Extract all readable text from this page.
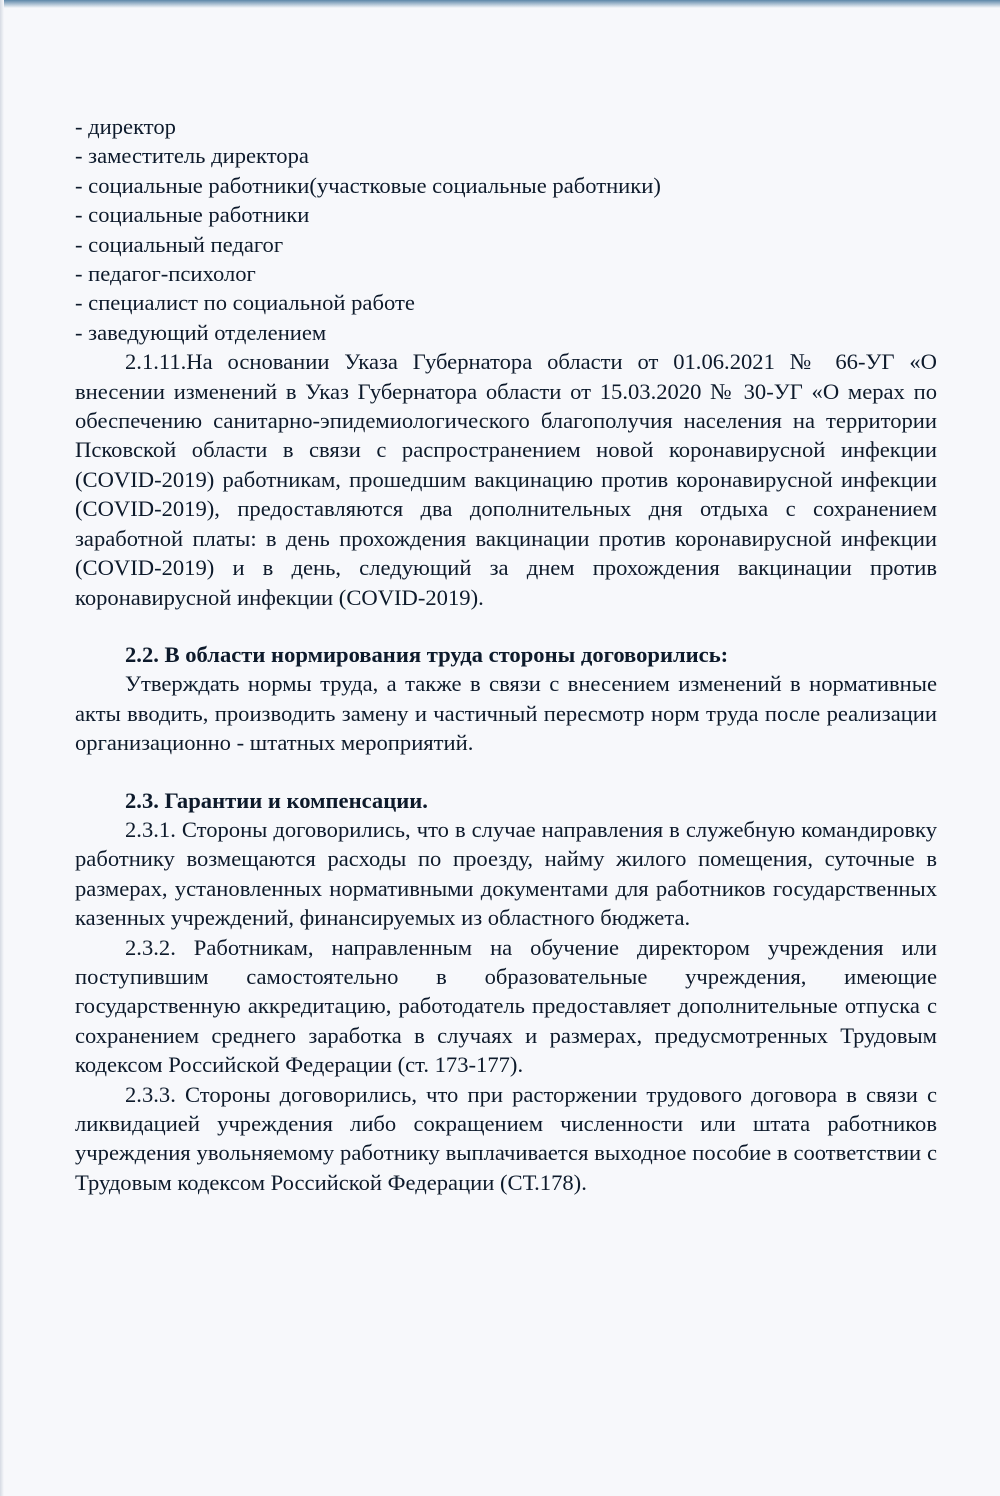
- директор

- заместитель директора

- социальные работники(участковые социальные работники)

- социальные работники

- социальный педагог

- педагог-психолог

- специалист по социальной работе

- заведующий отделением

2.1.11.На основании Указа Губернатора области от 01.06.2021 № 66-УГ «О внесении изменений в Указ Губернатора области от 15.03.2020 № 30-УГ «О мерах по обеспечению санитарно-эпидемиологического благополучия населения на территории Псковской области в связи с распространением новой коронавирусной инфекции (COVID-2019) работникам, прошедшим вакцинацию против коронавирусной инфекции (COVID-2019), предоставляются два дополнительных дня отдыха с сохранением заработной платы: в день прохождения вакцинации против коронавирусной инфекции (COVID-2019) и в день, следующий за днем прохождения вакцинации против коронавирусной инфекции (COVID-2019).

2.2. В области нормирования труда стороны договорились:

Утверждать нормы труда, а также в связи с внесением изменений в нормативные акты вводить, производить замену и частичный пересмотр норм труда после реализации организационно - штатных мероприятий.

2.3. Гарантии и компенсации.

2.3.1. Стороны договорились, что в случае направления в служебную командировку работнику возмещаются расходы по проезду, найму жилого помещения, суточные в размерах, установленных нормативными документами для работников государственных казенных учреждений, финансируемых из областного бюджета.

2.3.2. Работникам, направленным на обучение директором учреждения или поступившим самостоятельно в образовательные учреждения, имеющие государственную аккредитацию, работодатель предоставляет дополнительные отпуска с сохранением среднего заработка в случаях и размерах, предусмотренных Трудовым кодексом Российской Федерации (ст. 173-177).

2.3.3. Стороны договорились, что при расторжении трудового договора в связи с ликвидацией учреждения либо сокращением численности или штата работников учреждения увольняемому работнику выплачивается выходное пособие в соответствии с Трудовым кодексом Российской Федерации (СТ.178).
